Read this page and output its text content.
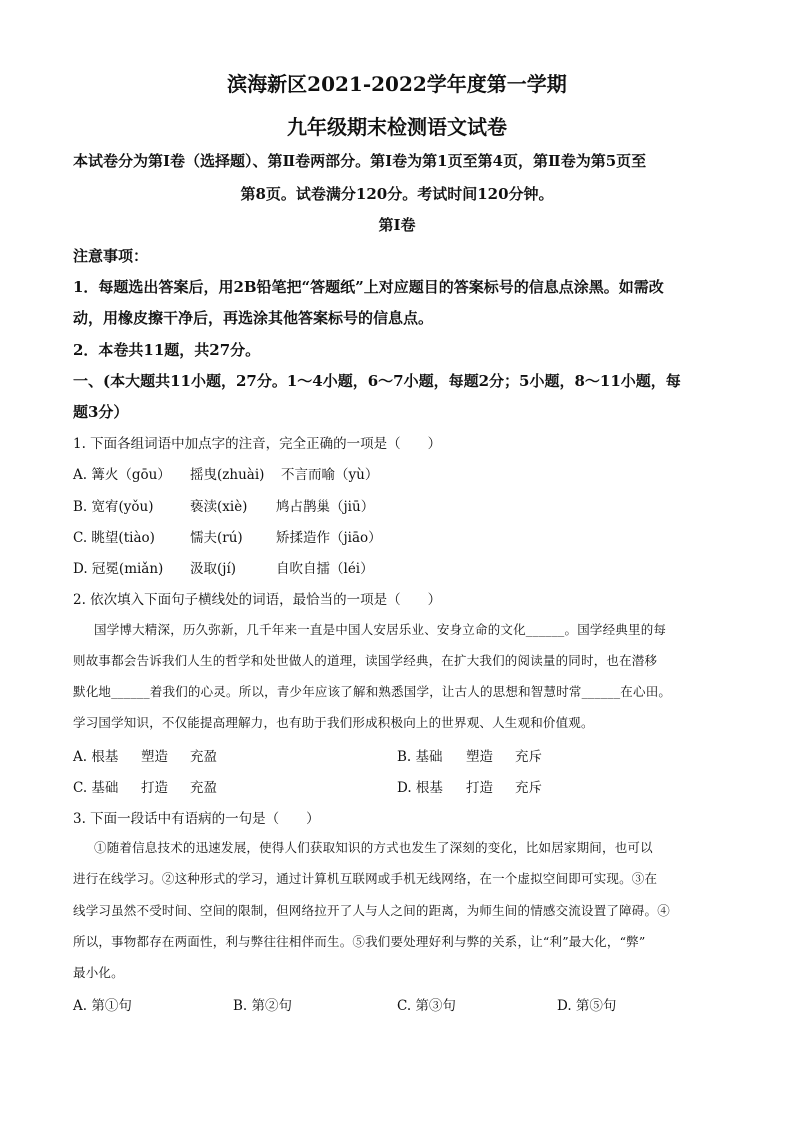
滨海新区2021-2022学年度第一学期
九年级期末检测语文试卷
本试卷分为第Ⅰ卷（选择题）、第Ⅱ卷两部分。第Ⅰ卷为第1页至第4页，第Ⅱ卷为第5页至
第8页。试卷满分120分。考试时间120分钟。
第Ⅰ卷
注意事项：
1．每题选出答案后，用2B铅笔把“答题纸”上对应题目的答案标号的信息点涂黑。如需改
动，用橡皮擦干净后，再选涂其他答案标号的信息点。
2．本卷共11题，共27分。
一、(本大题共11小题，27分。1～4小题，6～7小题，每题2分；5小题，8～11小题，每
题3分）
1. 下面各组词语中加点字的注音，完全正确的一项是（　　）
A. 篝火（gōu） 摇曳(zhuài) 不言而喻（yù）
B. 宽宥(yǒu)	亵渎(xiè) 鸠占鹊巢（jiū）
C. 眺望(tiào)	懦夫(rú) 矫揉造作（jiāo）
D. 冠冕(miǎn) 汲取(jí)	自吹自擂（léi）
2. 依次填入下面句子横线处的词语，最恰当的一项是（　　）
国学博大精深，历久弥新，几千年来一直是中国人安居乐业、安身立命的文化______。国学经典里的每
则故事都会告诉我们人生的哲学和处世做人的道理，读国学经典，在扩大我们的阅读量的同时，也在潜移
默化地______着我们的心灵。所以，青少年应该了解和熟悉国学，让古人的思想和智慧时常______在心田。
学习国学知识，不仅能提高理解力，也有助于我们形成积极向上的世界观、人生观和价值观。
A. 根基 塑造 充盈	B. 基础 塑造 充斥
C. 基础 打造 充盈	D. 根基 打造 充斥
3. 下面一段话中有语病的一句是（　　）
①随着信息技术的迅速发展，使得人们获取知识的方式也发生了深刻的变化，比如居家期间，也可以
进行在线学习。②这种形式的学习，通过计算机互联网或手机无线网络，在一个虚拟空间即可实现。③在
线学习虽然不受时间、空间的限制，但网络拉开了人与人之间的距离，为师生间的情感交流设置了障碍。④
所以，事物都存在两面性，利与弊往往相伴而生。⑤我们要处理好利与弊的关系，让“利”最大化，“弊”
最小化。
A. 第①句	B. 第②句	C. 第③句	D. 第⑤句
